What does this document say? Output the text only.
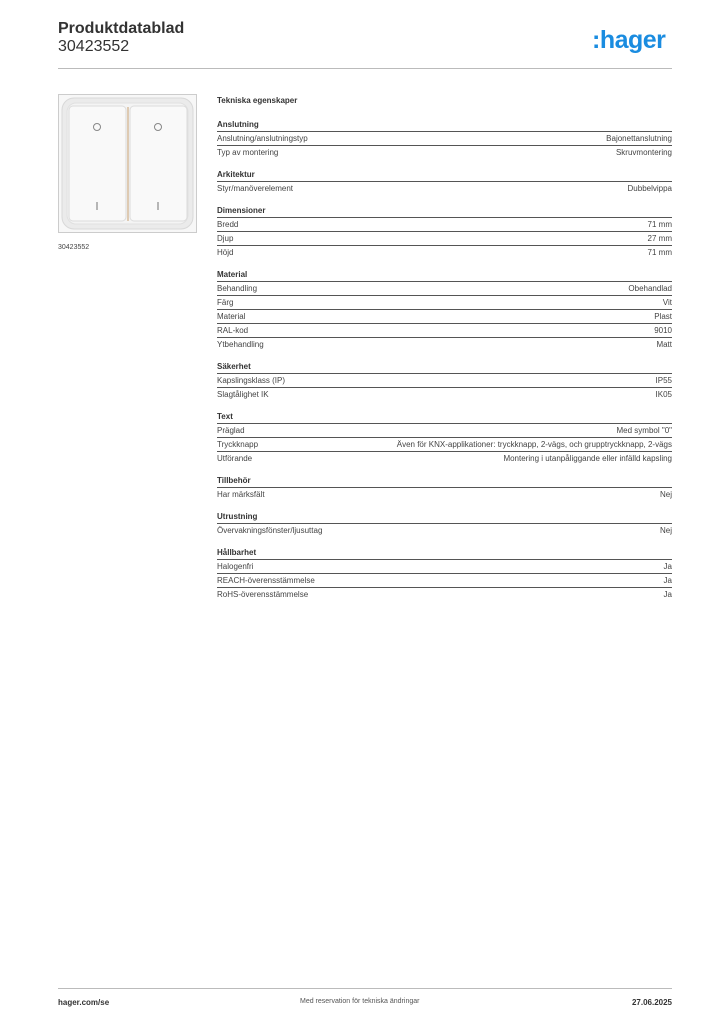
Produktdatablad
30423552	:hager
30423552
Tekniska egenskaper
Anslutning
Anslutning/anslutningstyp	Bajonettanslutning
Typ av montering	Skruvmontering
Arkitektur
Styr/manöverelement	Dubbelvippa
Dimensioner
Bredd	71 mm
Djup	27 mm
Höjd	71 mm
Material
Behandling	Obehandlad
Färg	Vit
Material	Plast
RAL-kod	9010
Ytbehandling	Matt
Säkerhet
Kapslingsklass (IP)	IP55
Slagtålighet IK	IK05
Text
Präglad	Med symbol "0"
Tryckknapp	Även för KNX-applikationer: tryckknapp, 2-vägs, och grupptryckknapp, 2-vägs
Utförande	Montering i utanpåliggande eller infälld kapsling
Tillbehör
Har märksfält	Nej
Utrustning
Övervakningsfönster/ljusuttag	Nej
Hållbarhet
Halogenfri	Ja
REACH-överensstämmelse	Ja
RoHS-överensstämmelse	Ja
hager.com/se	Med reservation för tekniska ändringar	27.06.2025
